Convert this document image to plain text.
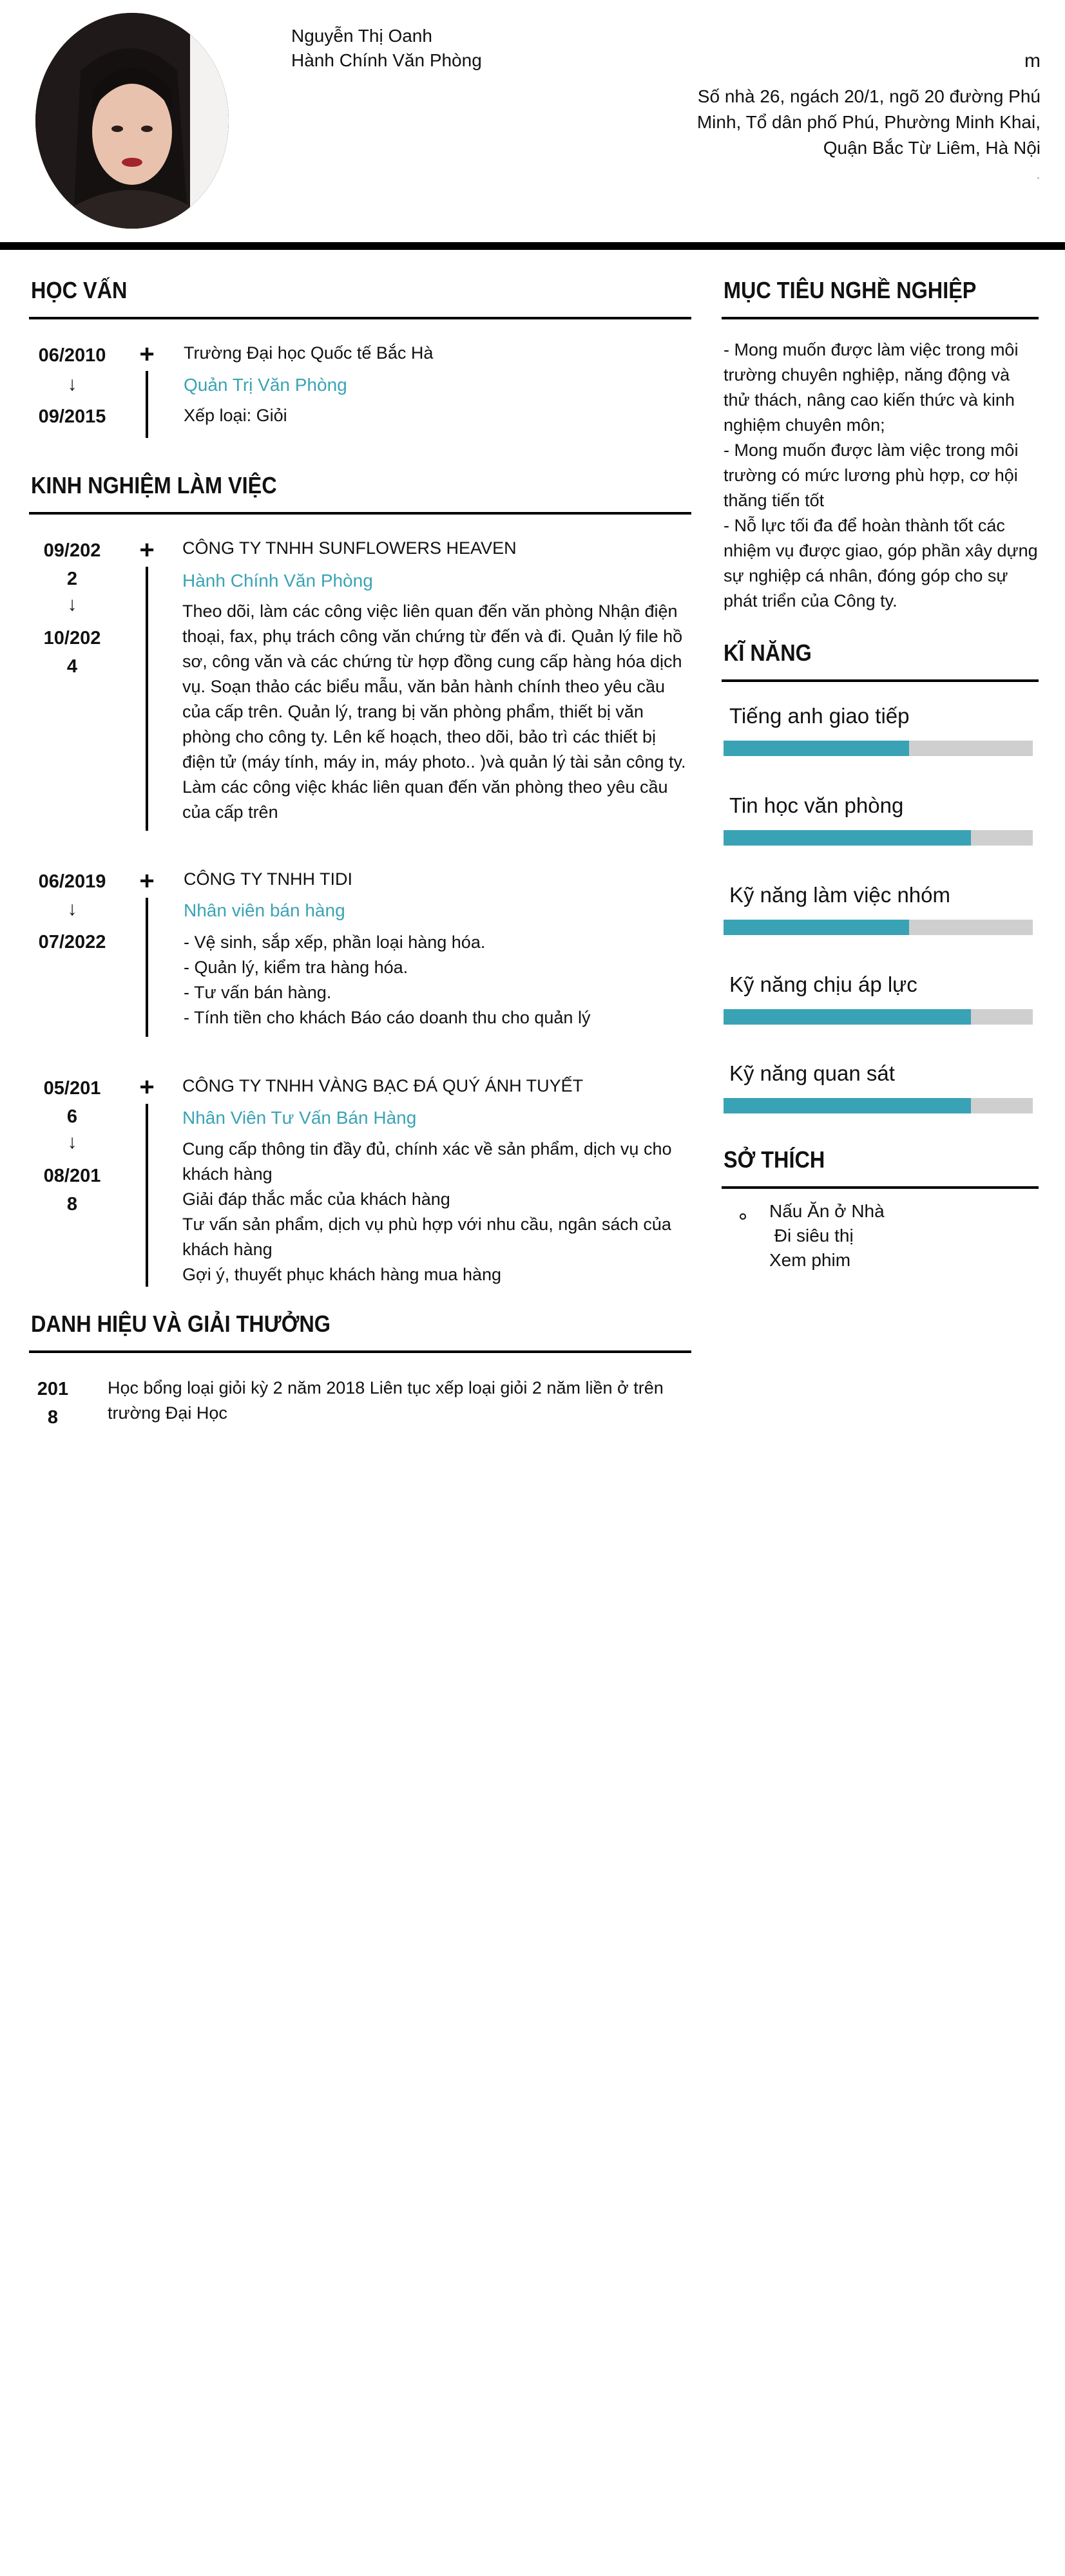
Nguyễn Thị Oanh
Hành Chính Văn Phòng	m
Số nhà 26, ngách 20/1, ngõ 20 đường Phú
Minh, Tổ dân phố Phú, Phường Minh Khai,
Quận Bắc Từ Liêm, Hà Nội
HỌC VẤN
06/2010
↓
09/2015
+ Trường Đại học Quốc tế Bắc Hà
Quản Trị Văn Phòng
Xếp loại: Giỏi
KINH NGHIỆM LÀM VIỆC
09/202
2
↓
10/202
4
+ CÔNG TY TNHH SUNFLOWERS HEAVEN
Hành Chính Văn Phòng
Theo dõi, làm các công việc liên quan đến văn phòng Nhận điện
thoại, fax, phụ trách công văn chứng từ đến và đi. Quản lý file hồ
sơ, công văn và các chứng từ hợp đồng cung cấp hàng hóa dịch
vụ. Soạn thảo các biểu mẫu, văn bản hành chính theo yêu cầu
của cấp trên. Quản lý, trang bị văn phòng phẩm, thiết bị văn
phòng cho công ty. Lên kế hoạch, theo dõi, bảo trì các thiết bị
điện tử (máy tính, máy in, máy photo.. )và quản lý tài sản công ty.
Làm các công việc khác liên quan đến văn phòng theo yêu cầu
của cấp trên
06/2019
↓
07/2022
+ CÔNG TY TNHH TIDI
Nhân viên bán hàng
- Vệ sinh, sắp xếp, phần loại hàng hóa.
- Quản lý, kiểm tra hàng hóa.
- Tư vấn bán hàng.
- Tính tiền cho khách Báo cáo doanh thu cho quản lý
05/201
6
↓
08/201
8
+ CÔNG TY TNHH VÀNG BẠC ĐÁ QUÝ ÁNH TUYẾT
Nhân Viên Tư Vấn Bán Hàng
Cung cấp thông tin đầy đủ, chính xác về sản phẩm, dịch vụ cho
khách hàng
Giải đáp thắc mắc của khách hàng
Tư vấn sản phẩm, dịch vụ phù hợp với nhu cầu, ngân sách của
khách hàng
Gợi ý, thuyết phục khách hàng mua hàng
DANH HIỆU VÀ GIẢI THƯỞNG
201
8
Học bổng loại giỏi kỳ 2 năm 2018 Liên tục xếp loại giỏi 2 năm liền ở trên
trường Đại Học
MỤC TIÊU NGHỀ NGHIỆP
- Mong muốn được làm việc trong môi
trường chuyên nghiệp, năng động và
thử thách, nâng cao kiến thức và kinh
nghiệm chuyên môn;
- Mong muốn được làm việc trong môi
trường có mức lương phù hợp, cơ hội
thăng tiến tốt
- Nỗ lực tối đa để hoàn thành tốt các
nhiệm vụ được giao, góp phần xây dựng
sự nghiệp cá nhân, đóng góp cho sự
phát triển của Công ty.
KĨ NĂNG
Tiếng anh giao tiếp
Tin học văn phòng
Kỹ năng làm việc nhóm
Kỹ năng chịu áp lực
Kỹ năng quan sát
SỞ THÍCH
Nấu Ăn ở Nhà
Đi siêu thị
Xem phim
